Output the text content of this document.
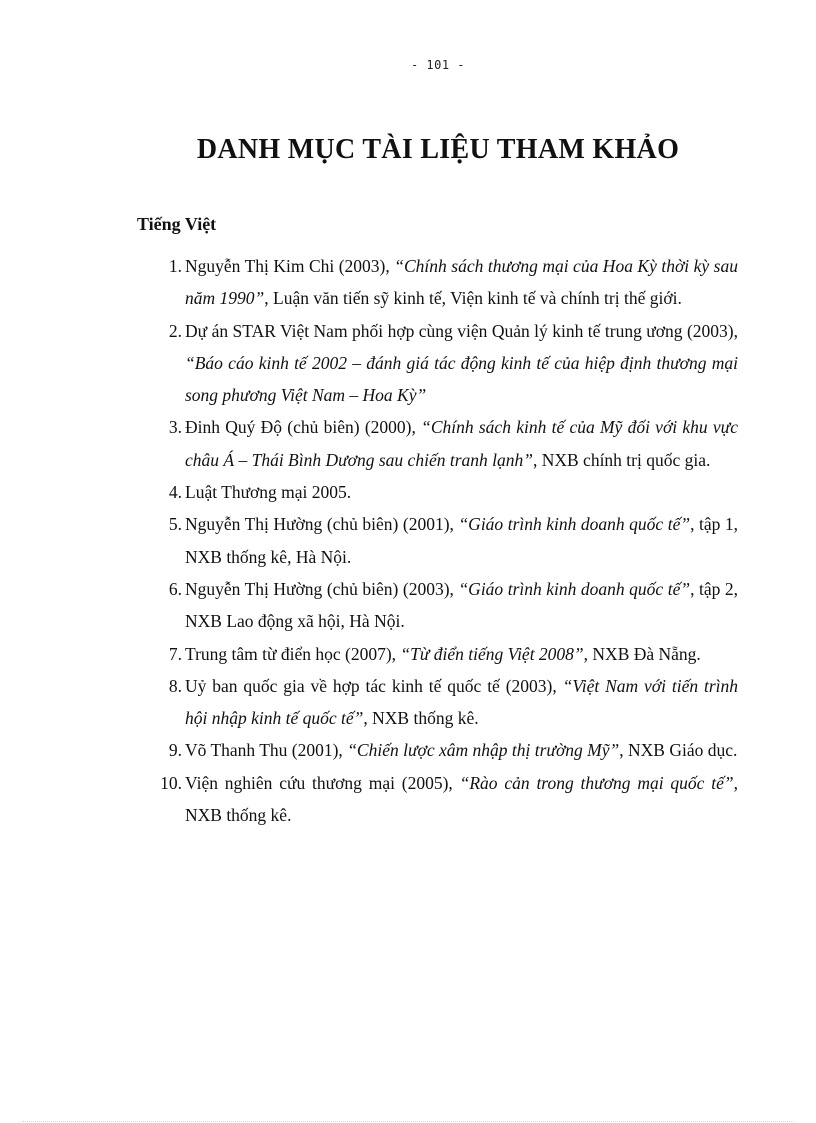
- 101 -
DANH MỤC TÀI LIỆU THAM KHẢO
Tiếng Việt
1. Nguyễn Thị Kim Chi (2003), “Chính sách thương mại của Hoa Kỳ thời kỳ sau năm 1990”, Luận văn tiến sỹ kinh tế, Viện kinh tế và chính trị thế giới.
2. Dự án STAR Việt Nam phối hợp cùng viện Quản lý kinh tế trung ương (2003), “Báo cáo kinh tế 2002 – đánh giá tác động kinh tế của hiệp định thương mại song phương Việt Nam – Hoa Kỳ”
3. Đinh Quý Độ (chủ biên) (2000), “Chính sách kinh tế của Mỹ đối với khu vực châu Á – Thái Bình Dương sau chiến tranh lạnh”, NXB chính trị quốc gia.
4. Luật Thương mại 2005.
5. Nguyễn Thị Hường (chủ biên) (2001), “Giáo trình kinh doanh quốc tế”, tập 1, NXB thống kê, Hà Nội.
6. Nguyễn Thị Hường (chủ biên) (2003), “Giáo trình kinh doanh quốc tế”, tập 2, NXB Lao động xã hội, Hà Nội.
7. Trung tâm từ điển học (2007), “Từ điển tiếng Việt 2008”, NXB Đà Nẵng.
8. Uỷ ban quốc gia về hợp tác kinh tế quốc tế (2003), “Việt Nam với tiến trình hội nhập kinh tế quốc tế”, NXB thống kê.
9. Võ Thanh Thu (2001), “Chiến lược xâm nhập thị trường Mỹ”, NXB Giáo dục.
10. Viện nghiên cứu thương mại (2005), “Rào cản trong thương mại quốc tế”, NXB thống kê.
